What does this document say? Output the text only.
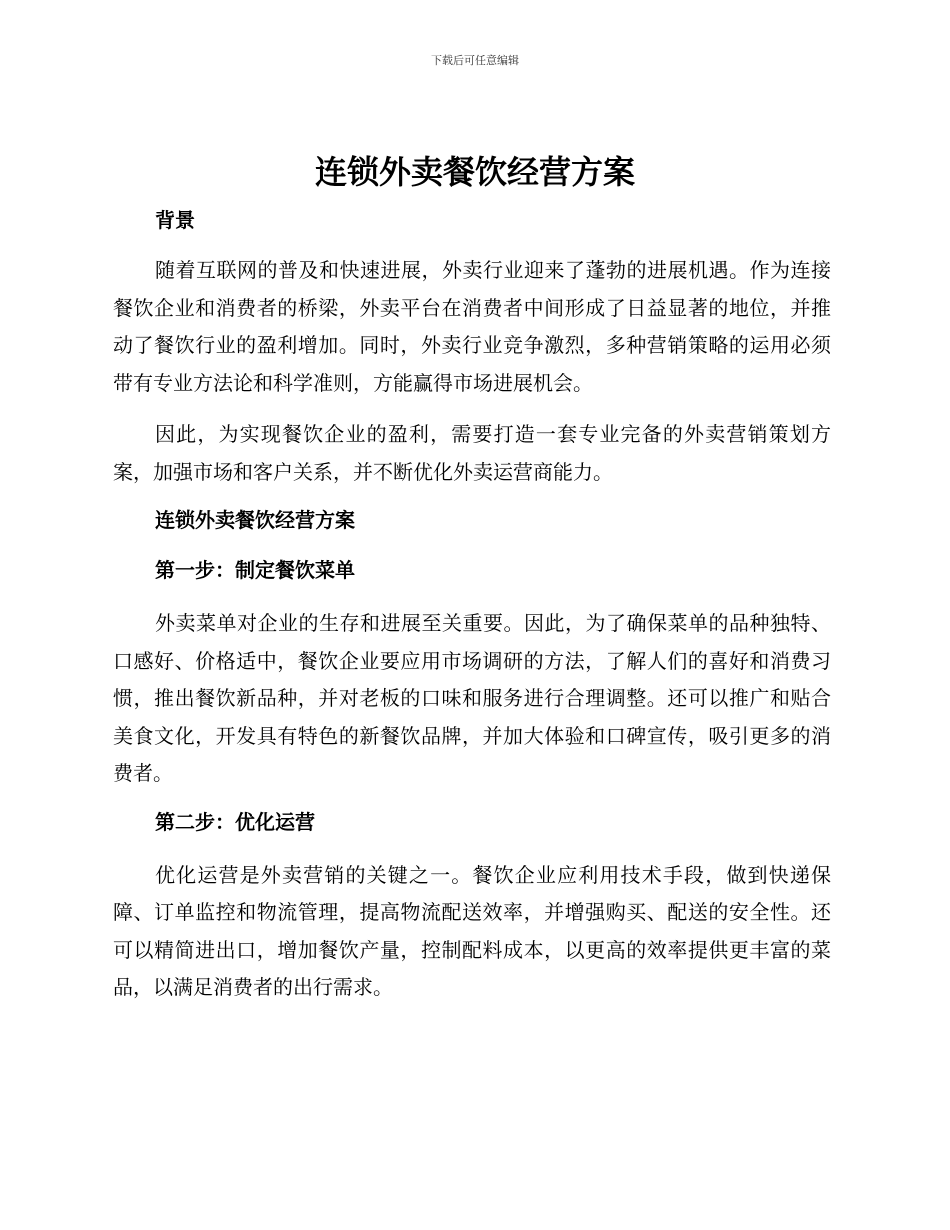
下载后可任意编辑
连锁外卖餐饮经营方案
背景

随着互联网的普及和快速进展，外卖行业迎来了蓬勃的进展机遇。作为连接餐饮企业和消费者的桥梁，外卖平台在消费者中间形成了日益显著的地位，并推动了餐饮行业的盈利增加。同时，外卖行业竞争激烈，多种营销策略的运用必须带有专业方法论和科学准则，方能赢得市场进展机会。

因此，为实现餐饮企业的盈利，需要打造一套专业完备的外卖营销策划方案，加强市场和客户关系，并不断优化外卖运营商能力。

连锁外卖餐饮经营方案
第一步：制定餐饮菜单

外卖菜单对企业的生存和进展至关重要。因此，为了确保菜单的品种独特、口感好、价格适中，餐饮企业要应用市场调研的方法，了解人们的喜好和消费习惯，推出餐饮新品种，并对老板的口味和服务进行合理调整。还可以推广和贴合美食文化，开发具有特色的新餐饮品牌，并加大体验和口碑宣传，吸引更多的消费者。

第二步：优化运营

优化运营是外卖营销的关键之一。餐饮企业应利用技术手段，做到快递保障、订单监控和物流管理，提高物流配送效率，并增强购买、配送的安全性。还可以精简进出口，增加餐饮产量，控制配料成本，以更高的效率提供更丰富的菜品，以满足消费者的出行需求。
